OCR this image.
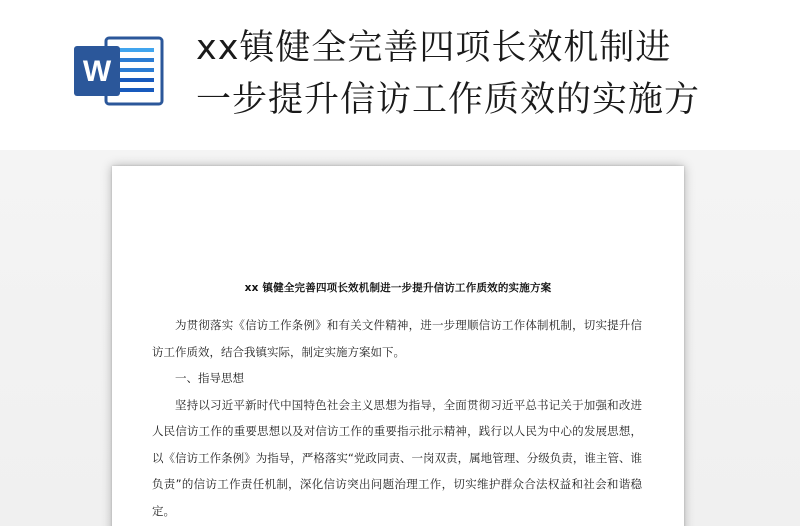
W
xx镇健全完善四项长效机制进
一步提升信访工作质效的实施方
xx 镇健全完善四项长效机制进一步提升信访工作质效的实施方案

为贯彻落实《信访工作条例》和有关文件精神，进一步理顺信访工作体制机制，切实提升信访工作质效，结合我镇实际，制定实施方案如下。

一、指导思想

坚持以习近平新时代中国特色社会主义思想为指导，全面贯彻习近平总书记关于加强和改进人民信访工作的重要思想以及对信访工作的重要指示批示精神，践行以人民为中心的发展思想，以《信访工作条例》为指导，严格落实“党政同责、一岗双责，属地管理、分级负责，谁主管、谁负责”的信访工作责任机制，深化信访突出问题治理工作，切实维护群众合法权益和社会和谐稳定。
